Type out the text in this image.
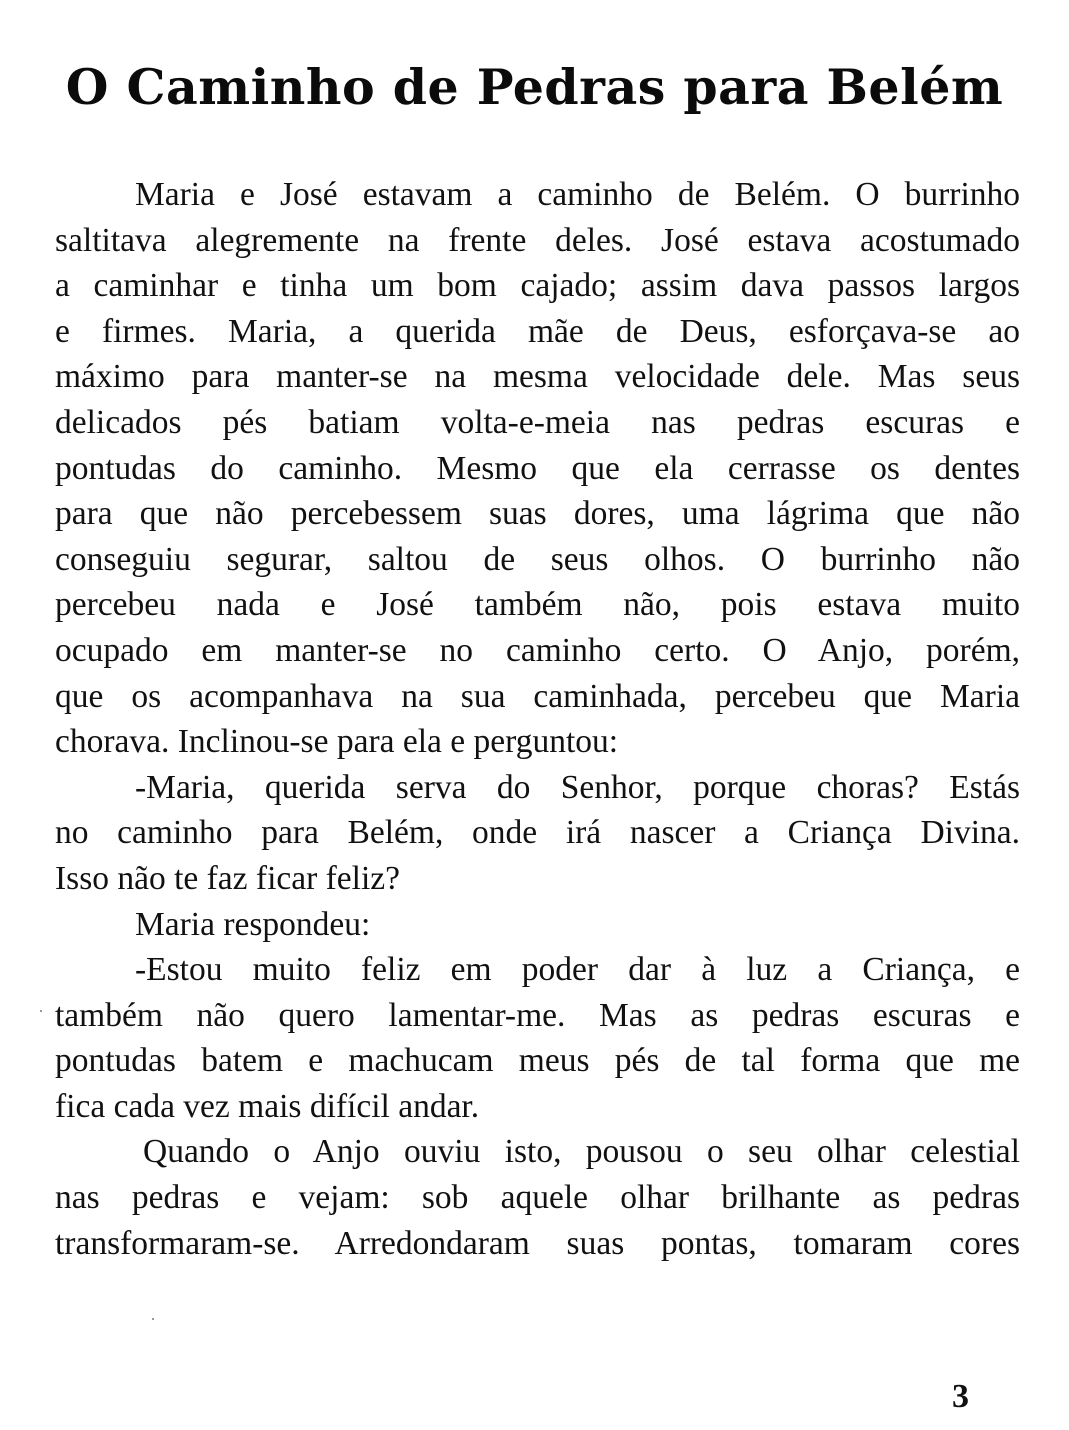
O Caminho de Pedras para Belém
Maria e José estavam a caminho de Belém. O burrinho
saltitava alegremente na frente deles. José estava acostumado
a caminhar e tinha um bom cajado; assim dava passos largos
e firmes. Maria, a querida mãe de Deus, esforçava-se ao
máximo para manter-se na mesma velocidade dele. Mas seus
delicados pés batiam volta-e-meia nas pedras escuras e
pontudas do caminho. Mesmo que ela cerrasse os dentes
para que não percebessem suas dores, uma lágrima que não
conseguiu segurar, saltou de seus olhos. O burrinho não
percebeu nada e José também não, pois estava muito
ocupado em manter-se no caminho certo. O Anjo, porém,
que os acompanhava na sua caminhada, percebeu que Maria
chorava. Inclinou-se para ela e perguntou:
-Maria, querida serva do Senhor, porque choras? Estás
no caminho para Belém, onde irá nascer a Criança Divina.
Isso não te faz ficar feliz?
Maria respondeu:
-Estou muito feliz em poder dar à luz a Criança, e
também não quero lamentar-me. Mas as pedras escuras e
pontudas batem e machucam meus pés de tal forma que me
fica cada vez mais difícil andar.
Quando o Anjo ouviu isto, pousou o seu olhar celestial
nas pedras e vejam: sob aquele olhar brilhante as pedras
transformaram-se. Arredondaram suas pontas, tomaram cores
3
